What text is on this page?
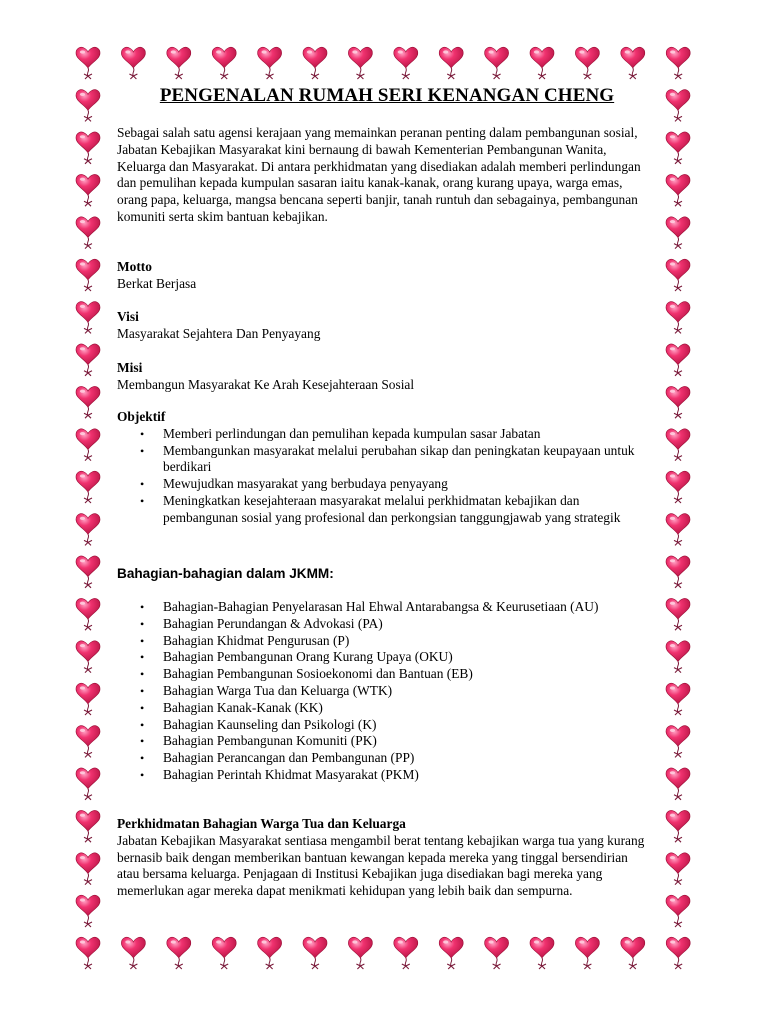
PENGENALAN RUMAH SERI KENANGAN CHENG

Sebagai salah satu agensi kerajaan yang memainkan peranan penting dalam pembangunan sosial, Jabatan Kebajikan Masyarakat kini bernaung di bawah Kementerian Pembangunan Wanita, Keluarga dan Masyarakat. Di antara perkhidmatan yang disediakan adalah memberi perlindungan dan pemulihan kepada kumpulan sasaran iaitu kanak-kanak, orang kurang upaya, warga emas, orang papa, keluarga, mangsa bencana seperti banjir, tanah runtuh dan sebagainya, pembangunan komuniti serta skim bantuan kebajikan.

Motto

Berkat Berjasa

Visi

Masyarakat Sejahtera Dan Penyayang

Misi

Membangun Masyarakat Ke Arah Kesejahteraan Sosial

Objektif

• Memberi perlindungan dan pemulihan kepada kumpulan sasar Jabatan
• Membangunkan masyarakat melalui perubahan sikap dan peningkatan keupayaan untuk berdikari
• Mewujudkan masyarakat yang berbudaya penyayang
• Meningkatkan kesejahteraan masyarakat melalui perkhidmatan kebajikan dan pembangunan sosial yang profesional dan perkongsian tanggungjawab yang strategik

Bahagian-bahagian dalam JKMM:

• Bahagian-Bahagian Penyelarasan Hal Ehwal Antarabangsa & Keurusetiaan (AU)
• Bahagian Perundangan & Advokasi (PA)
• Bahagian Khidmat Pengurusan (P)
• Bahagian Pembangunan Orang Kurang Upaya (OKU)
• Bahagian Pembangunan Sosioekonomi dan Bantuan (EB)
• Bahagian Warga Tua dan Keluarga (WTK)
• Bahagian Kanak-Kanak (KK)
• Bahagian Kaunseling dan Psikologi (K)
• Bahagian Pembangunan Komuniti (PK)
• Bahagian Perancangan dan Pembangunan (PP)
• Bahagian Perintah Khidmat Masyarakat (PKM)

Perkhidmatan Bahagian Warga Tua dan Keluarga

Jabatan Kebajikan Masyarakat sentiasa mengambil berat tentang kebajikan warga tua yang kurang bernasib baik dengan memberikan bantuan kewangan kepada mereka yang tinggal bersendirian atau bersama keluarga. Penjagaan di Institusi Kebajikan juga disediakan bagi mereka yang memerlukan agar mereka dapat menikmati kehidupan yang lebih baik dan sempurna.
